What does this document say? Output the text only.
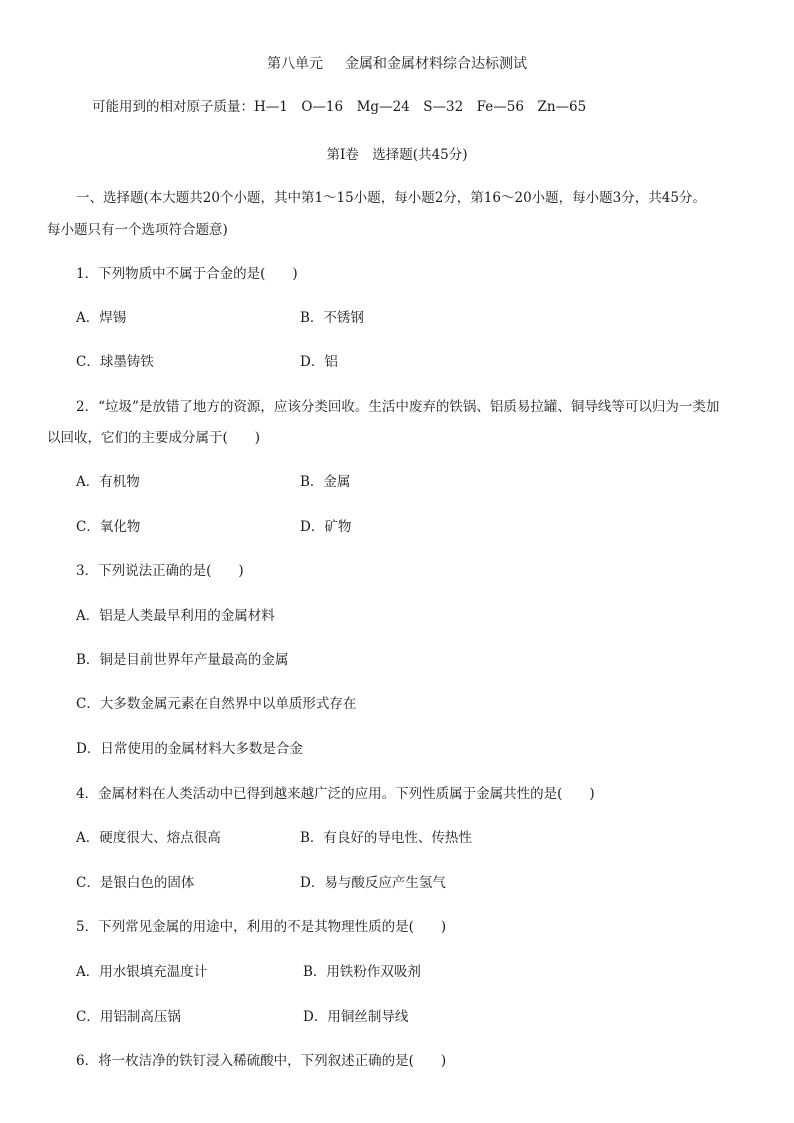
第八单元 金属和金属材料综合达标测试
可能用到的相对原子质量：H—1　O—16　Mg—24　S—32　Fe—56　Zn—65
第Ⅰ卷　选择题(共45分)
一、选择题(本大题共20个小题，其中第1～15小题，每小题2分，第16～20小题，每小题3分，共45分。
每小题只有一个选项符合题意)
1．下列物质中不属于合金的是(　　)
A．焊锡	B．不锈钢
C．球墨铸铁	D．铝
2．“垃圾”是放错了地方的资源，应该分类回收。生活中废弃的铁锅、铝质易拉罐、铜导线等可以归为一类加
以回收，它们的主要成分属于(　　)
A．有机物	B．金属
C．氧化物	D．矿物
3．下列说法正确的是(　　)
A．铝是人类最早利用的金属材料
B．铜是目前世界年产量最高的金属
C．大多数金属元素在自然界中以单质形式存在
D．日常使用的金属材料大多数是合金
4．金属材料在人类活动中已得到越来越广泛的应用。下列性质属于金属共性的是(　　)
A．硬度很大、熔点很高	B．有良好的导电性、传热性
C．是银白色的固体	D．易与酸反应产生氢气
5．下列常见金属的用途中，利用的不是其物理性质的是(　　)
A．用水银填充温度计	B．用铁粉作双吸剂
C．用铝制高压锅	D．用铜丝制导线
6．将一枚洁净的铁钉浸入稀硫酸中，下列叙述正确的是(　　)
